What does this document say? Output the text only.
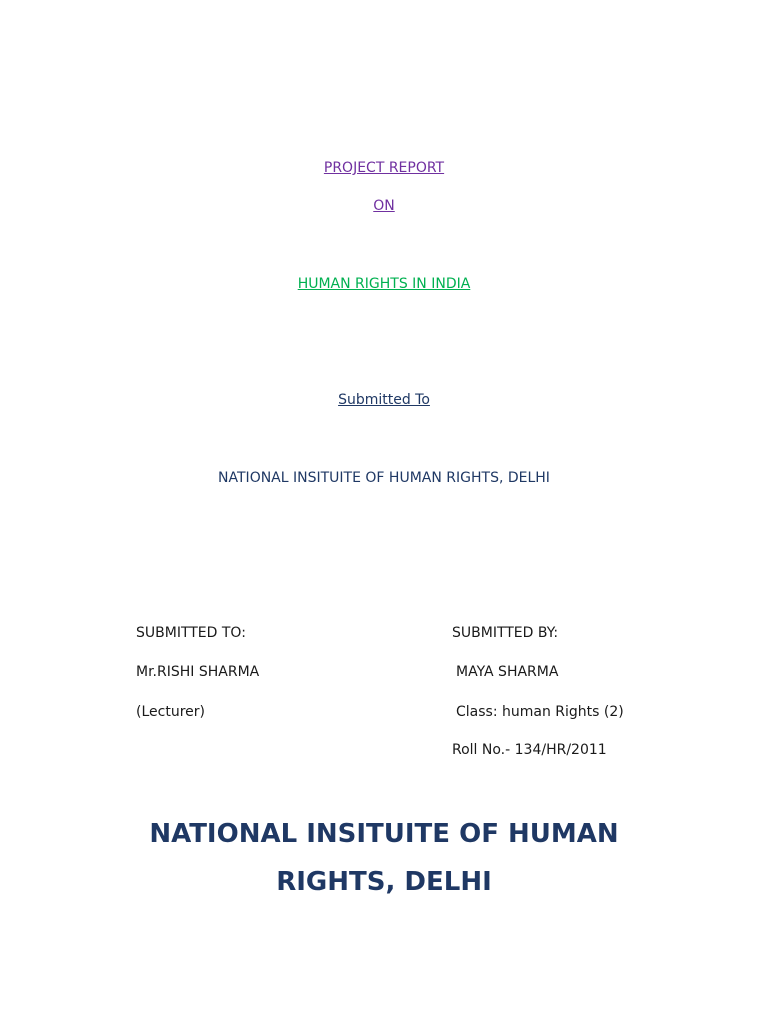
PROJECT REPORT
ON
HUMAN RIGHTS IN INDIA
Submitted To
NATIONAL INSITUITE OF HUMAN RIGHTS, DELHI
SUBMITTED TO:
Mr.RISHI SHARMA
(Lecturer)
SUBMITTED BY:
MAYA SHARMA
Class: human Rights (2)
Roll No.- 134/HR/2011
NATIONAL INSITUITE OF HUMAN
RIGHTS, DELHI
